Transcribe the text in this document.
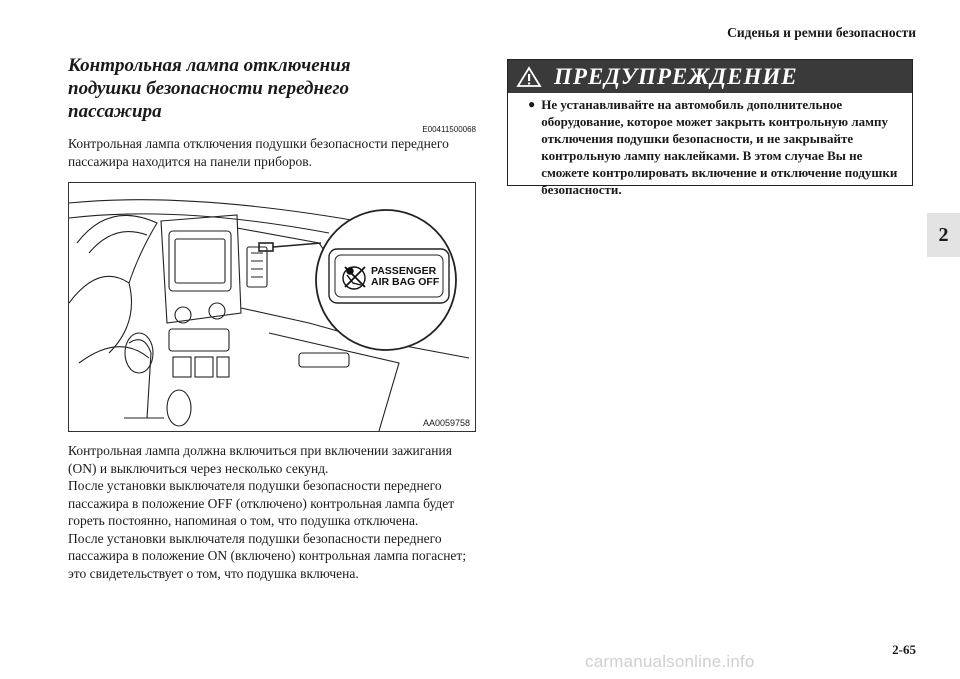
Сиденья и ремни безопасности
2
Контрольная лампа отключения подушки безопасности переднего пассажира
E00411500068

Контрольная лампа отключения подушки безопасности переднего пассажира находится на панели приборов.

PASSENGER
AIR BAG OFF
AA0059758

Контрольная лампа должна включиться при включении зажигания (ON) и выключиться через несколько секунд.

После установки выключателя подушки безопасности переднего пассажира в положение OFF (отключено) контрольная лампа будет гореть постоянно, напоминая о том, что подушка отключена.

После установки выключателя подушки безопасности переднего пассажира в положение ON (включено) контрольная лампа погаснет; это свидетельствует о том, что подушка включена.

ПРЕДУПРЕЖДЕНИЕ
● Не устанавливайте на автомобиль дополнительное оборудование, которое может закрыть контрольную лампу отключения подушки безопасности, и не закрывайте контрольную лампу наклейками. В этом случае Вы не сможете контролировать включение и отключение подушки безопасности.
2-65
carmanualsonline.info
